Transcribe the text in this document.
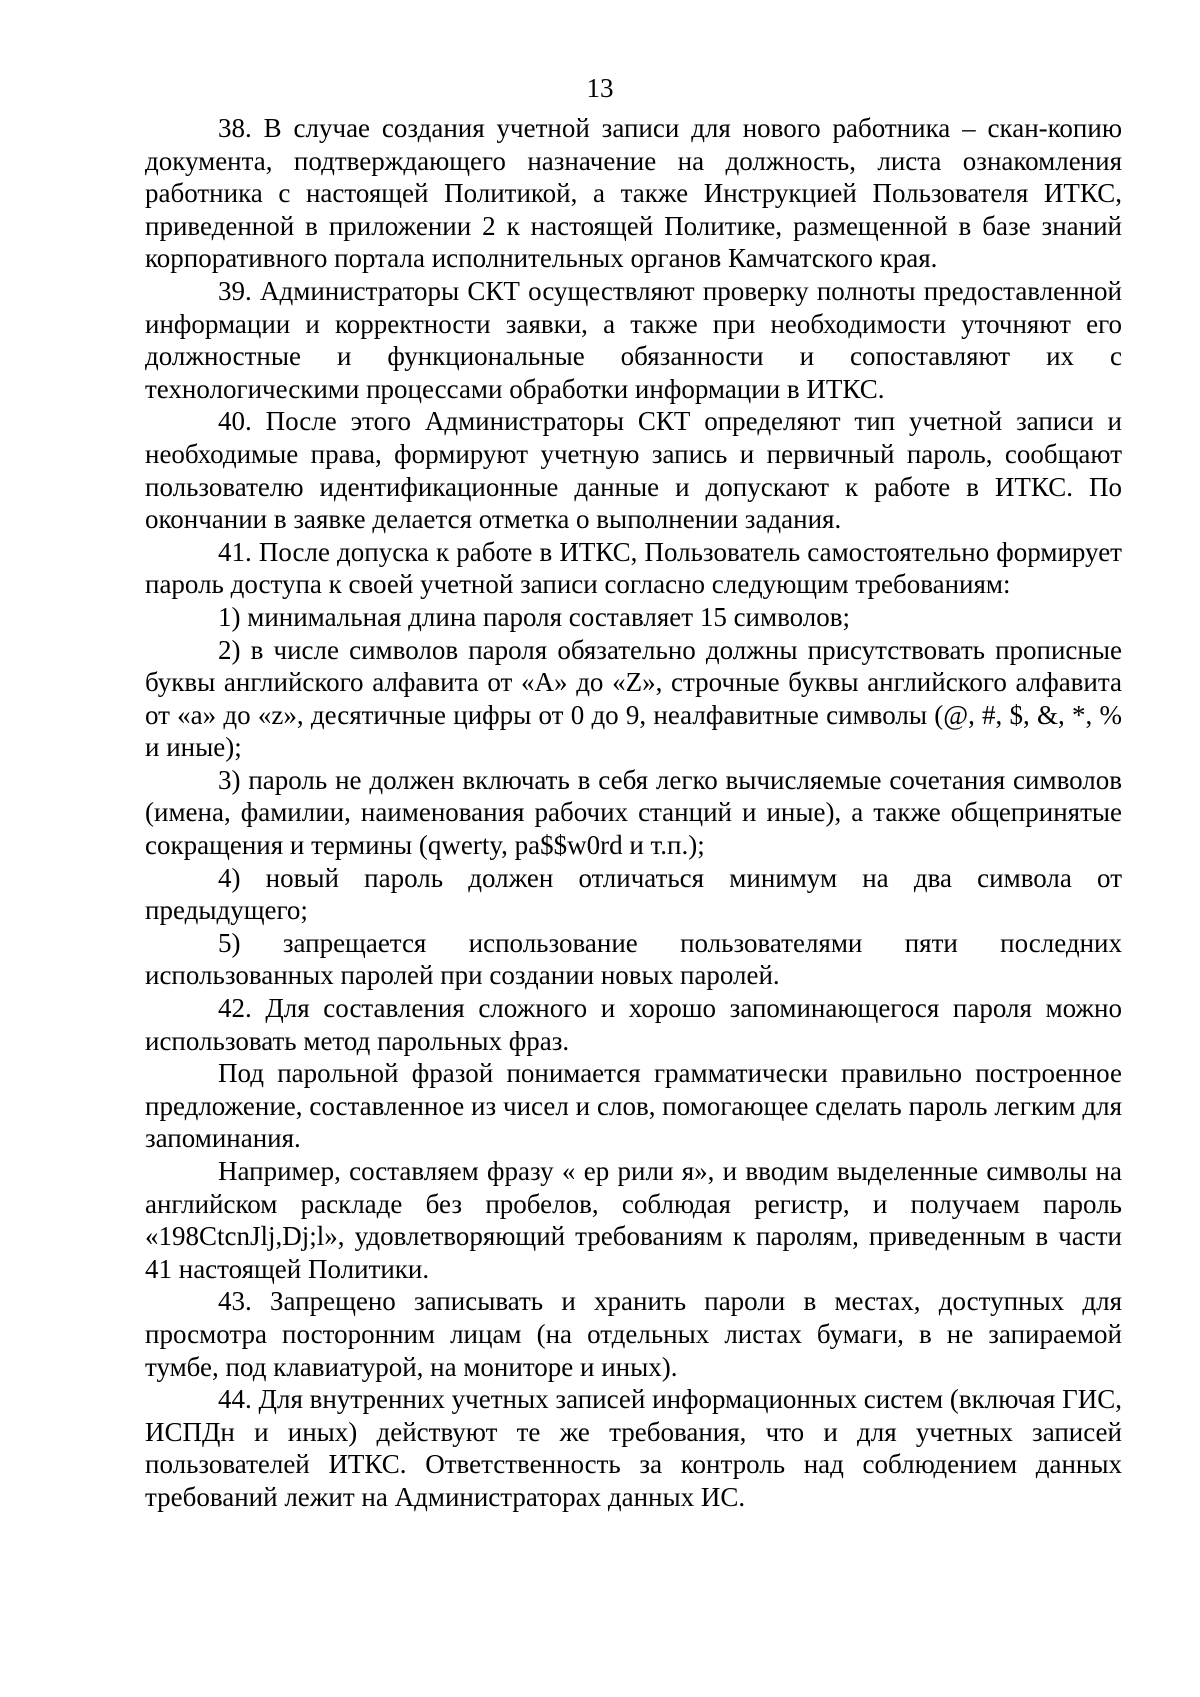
13

38. В случае создания учетной записи для нового работника – скан-копию документа, подтверждающего назначение на должность, листа ознакомления работника с настоящей Политикой, а также Инструкцией Пользователя ИТКС, приведенной в приложении 2 к настоящей Политике, размещенной в базе знаний корпоративного портала исполнительных органов Камчатского края.

39. Администраторы СКТ осуществляют проверку полноты предоставленной информации и корректности заявки, а также при необходимости уточняют его должностные и функциональные обязанности и сопоставляют их с технологическими процессами обработки информации в ИТКС.

40. После этого Администраторы СКТ определяют тип учетной записи и необходимые права, формируют учетную запись и первичный пароль, сообщают пользователю идентификационные данные и допускают к работе в ИТКС. По окончании в заявке делается отметка о выполнении задания.

41. После допуска к работе в ИТКС, Пользователь самостоятельно формирует пароль доступа к своей учетной записи согласно следующим требованиям:

1) минимальная длина пароля составляет 15 символов;

2) в числе символов пароля обязательно должны присутствовать прописные буквы английского алфавита от «A» до «Z», строчные буквы английского алфавита от «a» до «z», десятичные цифры от 0 до 9, неалфавитные символы (@, #, $, &, *, % и иные);

3) пароль не должен включать в себя легко вычисляемые сочетания символов (имена, фамилии, наименования рабочих станций и иные), а также общепринятые сокращения и термины (qwerty, pa$$w0rd и т.п.);

4) новый пароль должен отличаться минимум на два символа от предыдущего;

5) запрещается использование пользователями пяти последних использованных паролей при создании новых паролей.

42. Для составления сложного и хорошо запоминающегося пароля можно использовать метод парольных фраз.

Под парольной фразой понимается грамматически правильно построенное предложение, составленное из чисел и слов, помогающее сделать пароль легким для запоминания.

Например, составляем фразу « ер рили я», и вводим выделенные символы на английском раскладе без пробелов, соблюдая регистр, и получаем пароль «198CtcnJlj,Dj;l», удовлетворяющий требованиям к паролям, приведенным в части 41 настоящей Политики.

43. Запрещено записывать и хранить пароли в местах, доступных для просмотра посторонним лицам (на отдельных листах бумаги, в не запираемой тумбе, под клавиатурой, на мониторе и иных).

44. Для внутренних учетных записей информационных систем (включая ГИС, ИСПДн и иных) действуют те же требования, что и для учетных записей пользователей ИТКС. Ответственность за контроль над соблюдением данных требований лежит на Администраторах данных ИС.
